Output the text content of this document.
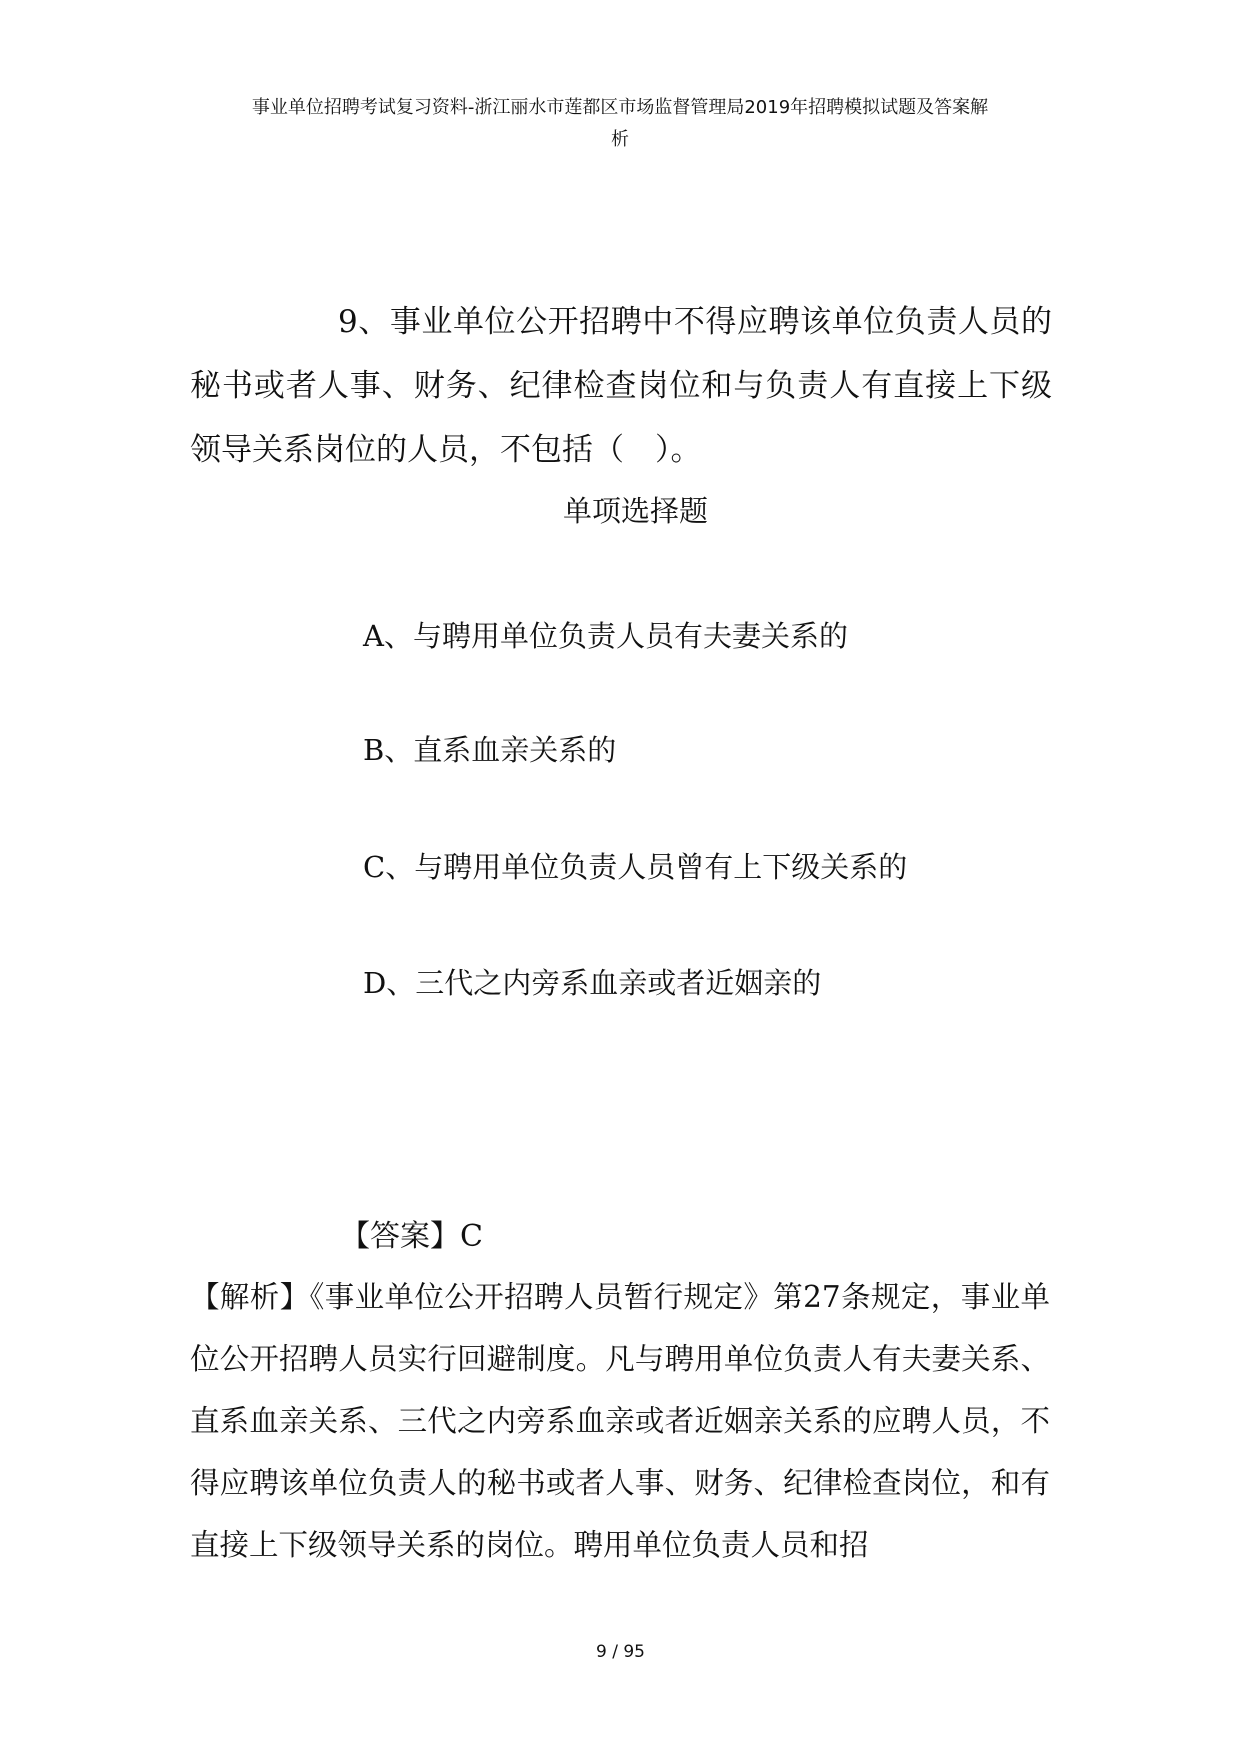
事业单位招聘考试复习资料-浙江丽水市莲都区市场监督管理局2019年招聘模拟试题及答案解
析
9、事业单位公开招聘中不得应聘该单位负责人员的秘书或者人事、财务、纪律检查岗位和与负责人有直接上下级领导关系岗位的人员，不包括（　）。
单项选择题
A、与聘用单位负责人员有夫妻关系的
B、直系血亲关系的
C、与聘用单位负责人员曾有上下级关系的
D、三代之内旁系血亲或者近姻亲的
【答案】C
【解析】《事业单位公开招聘人员暂行规定》第27条规定，事业单位公开招聘人员实行回避制度。凡与聘用单位负责人有夫妻关系、直系血亲关系、三代之内旁系血亲或者近姻亲关系的应聘人员，不得应聘该单位负责人的秘书或者人事、财务、纪律检查岗位，和有直接上下级领导关系的岗位。聘用单位负责人员和招
9 / 95
